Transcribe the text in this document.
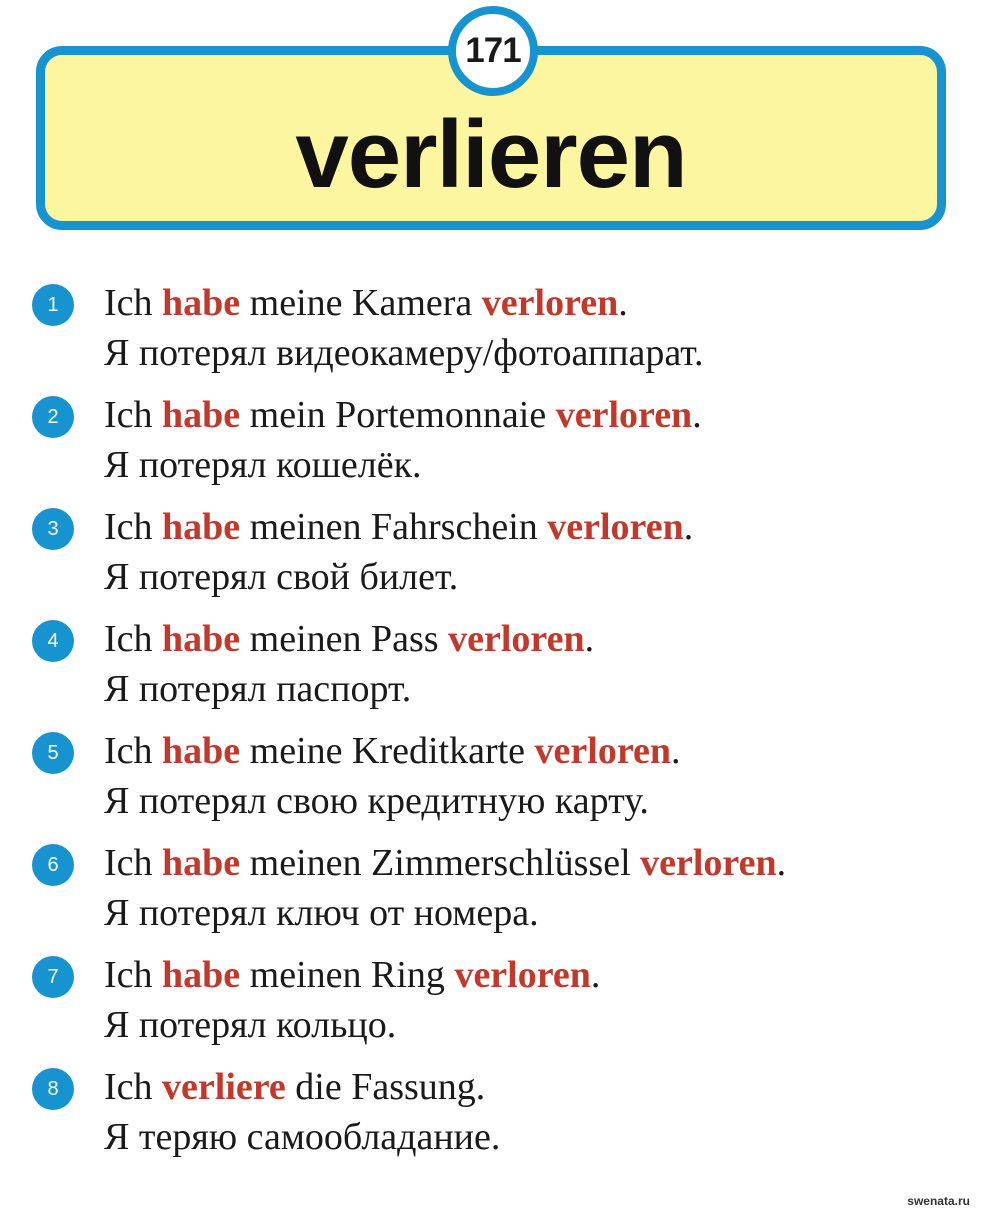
171
verlieren
1	Ich habe meine Kamera verloren.
Я потерял видеокамеру/фотоаппарат.
2	Ich habe mein Portemonnaie verloren.
Я потерял кошелёк.
3	Ich habe meinen Fahrschein verloren.
Я потерял свой билет.
4	Ich habe meinen Pass verloren.
Я потерял паспорт.
5	Ich habe meine Kreditkarte verloren.
Я потерял свою кредитную карту.
6	Ich habe meinen Zimmerschlüssel verloren.
Я потерял ключ от номера.
7	Ich habe meinen Ring verloren.
Я потерял кольцо.
8	Ich verliere die Fassung.
Я теряю самообладание.
swenata.ru
